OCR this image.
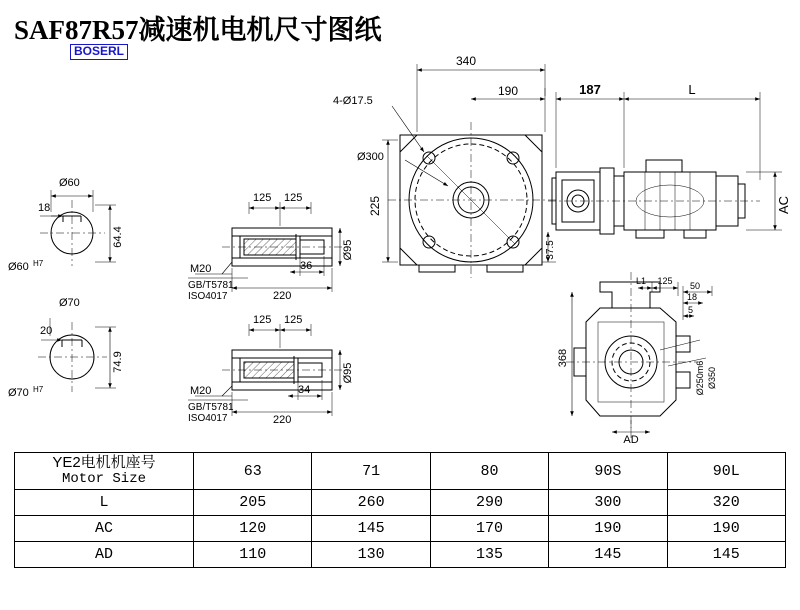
SAF87R57减速机电机尺寸图纸
BOSERL
Ø60
64.4
18
Ø60 H7
Ø70
74.9
20
Ø70 H7
125 125
36
220
Ø95
M20
GB/T5781
ISO4017
125 125
34
220
Ø95
M20
GB/T5781
ISO4017
340
190
4-Ø17.5
Ø300
225
37.5
187	L
AC
L1 125 50
18
5
368
Ø250m6 Ø350
AD
YE2电机机座号
Motor Size	63	71	80	90S	90L
L	205	260	290	300	320
AC	120	145	170	190	190
AD	110	130	135	145	145
